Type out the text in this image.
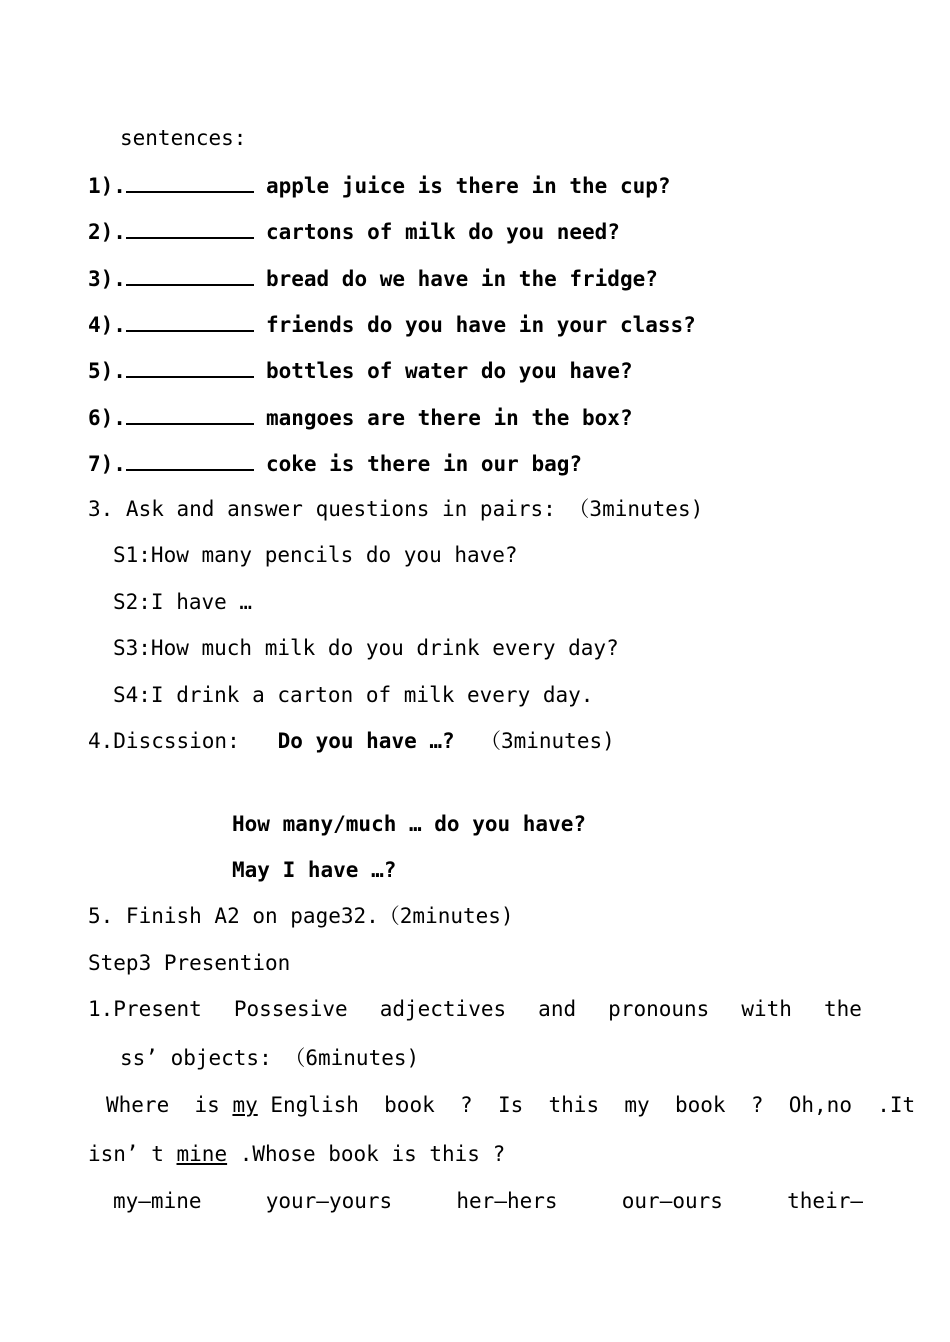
sentences:
1).	apple juice is there in the cup?
2).	cartons of milk do you need?
3).	bread do we have in the fridge?
4).	friends do you have in your class?
5).	bottles of water do you have?
6).	mangoes are there in the box?
7).	coke is there in our bag?
3. Ask and answer questions in pairs: （3minutes)
S1:How many pencils do you have?
S2:I have …
S3:How much milk do you drink every day?
S4:I drink a carton of milk every day.
4.Discssion: Do you have …? （3minutes)
How many/much … do you have?
May I have …?
5. Finish A2 on page32.（2minutes)
Step3 Presention
1.Present Possesive adjectives and pronouns with the
ss’ objects: （6minutes)
Where  is my English  book  ?  Is  this  my  book  ?  Oh,no  .It
isn’ t mine .Whose book is this ?
my—mine	your—yours	her—hers	our—ours	their—
